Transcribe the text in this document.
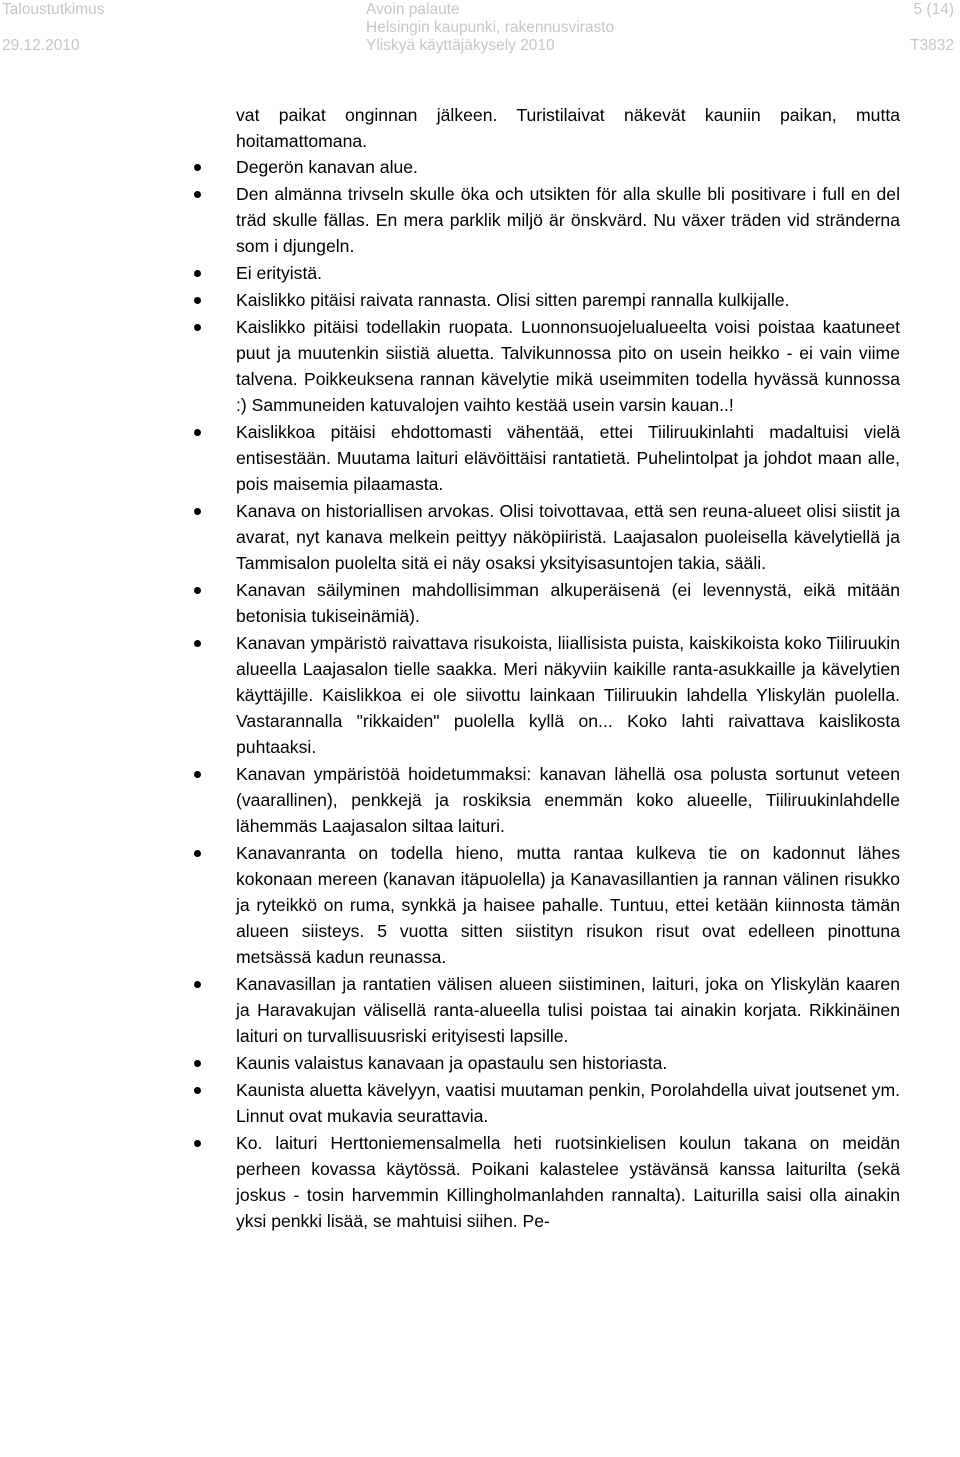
Taloustutkimus	Avoin palaute	5 (14)
Helsingin kaupunki, rakennusvirasto
29.12.2010	Yliskyä käyttäjäkysely 2010	T3832

vat paikat onginnan jälkeen. Turistilaivat näkevät kauniin paikan, mutta hoitamattomana.

Degerön kanavan alue.
Den almänna trivseln skulle öka och utsikten för alla skulle bli positivare i full en del träd skulle fällas. En mera parklik miljö är önskvärd. Nu växer träden vid stränderna som i djungeln.
Ei erityistä.
Kaislikko pitäisi raivata rannasta. Olisi sitten parempi rannalla kulkijalle.
Kaislikko pitäisi todellakin ruopata. Luonnonsuojelualueelta voisi poistaa kaatuneet puut ja muutenkin siistiä aluetta. Talvikunnossa pito on usein heikko - ei vain viime talvena. Poikkeuksena rannan kävelytie mikä useimmiten todella hyvässä kunnossa :) Sammuneiden katuvalojen vaihto kestää usein varsin kauan..!
Kaislikkoa pitäisi ehdottomasti vähentää, ettei Tiiliruukinlahti madaltuisi vielä entisestään. Muutama laituri elävöittäisi rantatietä. Puhelintolpat ja johdot maan alle, pois maisemia pilaamasta.
Kanava on historiallisen arvokas. Olisi toivottavaa, että sen reuna-alueet olisi siistit ja avarat, nyt kanava melkein peittyy näköpiiristä. Laajasalon puoleisella kävelytiellä ja Tammisalon puolelta sitä ei näy osaksi yksityisasuntojen takia, sääli.
Kanavan säilyminen mahdollisimman alkuperäisenä (ei levennystä, eikä mitään betonisia tukiseinämiä).
Kanavan ympäristö raivattava risukoista, liiallisista puista, kaiskikoista koko Tiiliruukin alueella Laajasalon tielle saakka. Meri näkyviin kaikille ranta-asukkaille ja kävelytien käyttäjille. Kaislikkoa ei ole siivottu lainkaan Tiiliruukin lahdella Yliskylän puolella. Vastarannalla "rikkaiden" puolella kyllä on... Koko lahti raivattava kaislikosta puhtaaksi.
Kanavan ympäristöä hoidetummaksi: kanavan lähellä osa polusta sortunut veteen (vaarallinen), penkkejä ja roskiksia enemmän koko alueelle, Tiiliruukinlahdelle lähemmäs Laajasalon siltaa laituri.
Kanavanranta on todella hieno, mutta rantaa kulkeva tie on kadonnut lähes kokonaan mereen (kanavan itäpuolella) ja Kanavasillantien ja rannan välinen risukko ja ryteikkö on ruma, synkkä ja haisee pahalle. Tuntuu, ettei ketään kiinnosta tämän alueen siisteys. 5 vuotta sitten siistityn risukon risut ovat edelleen pinottuna metsässä kadun reunassa.
Kanavasillan ja rantatien välisen alueen siistiminen, laituri, joka on Yliskylän kaaren ja Haravakujan välisellä ranta-alueella tulisi poistaa tai ainakin korjata. Rikkinäinen laituri on turvallisuusriski erityisesti lapsille.
Kaunis valaistus kanavaan ja opastaulu sen historiasta.
Kaunista aluetta kävelyyn, vaatisi muutaman penkin, Porolahdella uivat joutsenet ym. Linnut ovat mukavia seurattavia.
Ko. laituri Herttoniemensalmella heti ruotsinkielisen koulun takana on meidän perheen kovassa käytössä. Poikani kalastelee ystävänsä kanssa laiturilta (sekä joskus - tosin harvemmin Killingholmanlahden rannalta). Laiturilla saisi olla ainakin yksi penkki lisää, se mahtuisi siihen. Pe-
